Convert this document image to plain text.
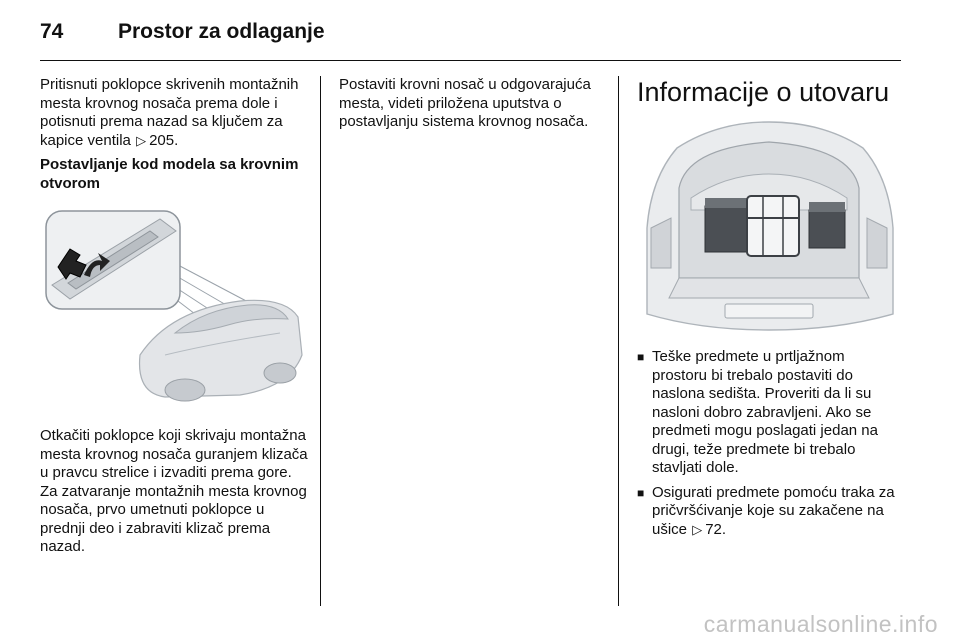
74	Prostor za odlaganje

Pritisnuti poklopce skrivenih montažnih mesta krovnog nosača prema dole i potisnuti prema nazad sa ključem za kapice ventila ▷ 205.

Postavljanje kod modela sa krovnim otvorom

Otkačiti poklopce koji skrivaju montažna mesta krovnog nosača guranjem klizača u pravcu strelice i izvaditi prema gore. Za zatvaranje montažnih mesta krovnog nosača, prvo umetnuti poklopce u prednji deo i zabraviti klizač prema nazad.

Postaviti krovni nosač u odgovarajuća mesta, videti priložena uputstva o postavljanju sistema krovnog nosača.

Informacije o utovaru
■ Teške predmete u prtljažnom prostoru bi trebalo postaviti do naslona sedišta. Proveriti da li su nasloni dobro zabravljeni. Ako se predmeti mogu poslagati jedan na drugi, teže predmete bi trebalo stavljati dole.
■ Osigurati predmete pomoću traka za pričvršćivanje koje su zakačene na ušice ▷ 72.
carmanualsonline.info
